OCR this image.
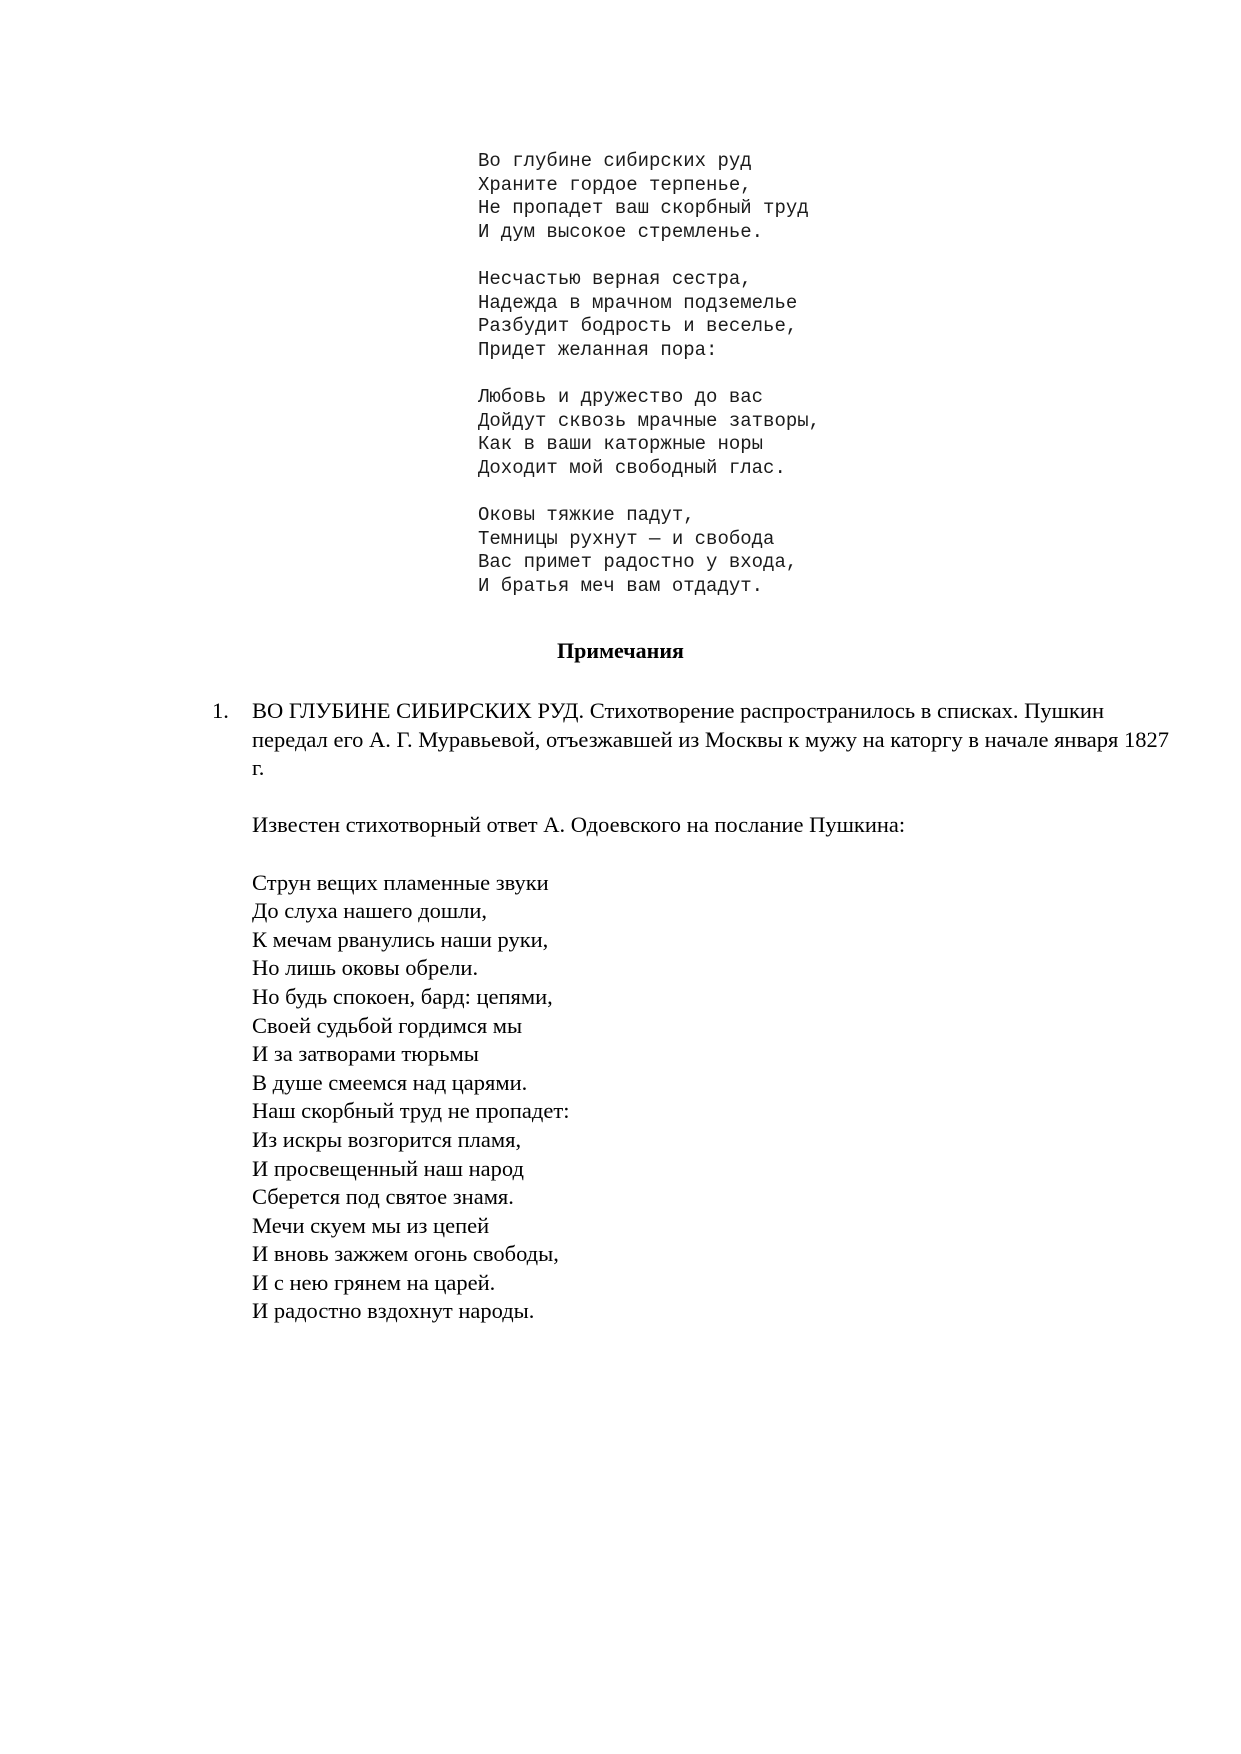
Во глубине сибирских руд
Храните гордое терпенье,
Не пропадет ваш скорбный труд
И дум высокое стремленье.
Несчастью верная сестра,
Надежда в мрачном подземелье
Разбудит бодрость и веселье,
Придет желанная пора:
Любовь и дружество до вас
Дойдут сквозь мрачные затворы,
Как в ваши каторжные норы
Доходит мой свободный глас.
Оковы тяжкие падут,
Темницы рухнут — и свобода
Вас примет радостно у входа,
И братья меч вам отдадут.
Примечания
1. ВО ГЛУБИНЕ СИБИРСКИХ РУД. Стихотворение распространилось в списках. Пушкин передал его А. Г. Муравьевой, отъезжавшей из Москвы к мужу на каторгу в начале января 1827 г.

Известен стихотворный ответ А. Одоевского на послание Пушкина:

Струн вещих пламенные звуки
До слуха нашего дошли,
К мечам рванулись наши руки,
Но лишь оковы обрели.
Но будь спокоен, бард: цепями,
Своей судьбой гордимся мы
И за затворами тюрьмы
В душе смеемся над царями.
Наш скорбный труд не пропадет:
Из искры возгорится пламя,
И просвещенный наш народ
Сберется под святое знамя.
Мечи скуем мы из цепей
И вновь зажжем огонь свободы,
И с нею грянем на царей.
И радостно вздохнут народы.
